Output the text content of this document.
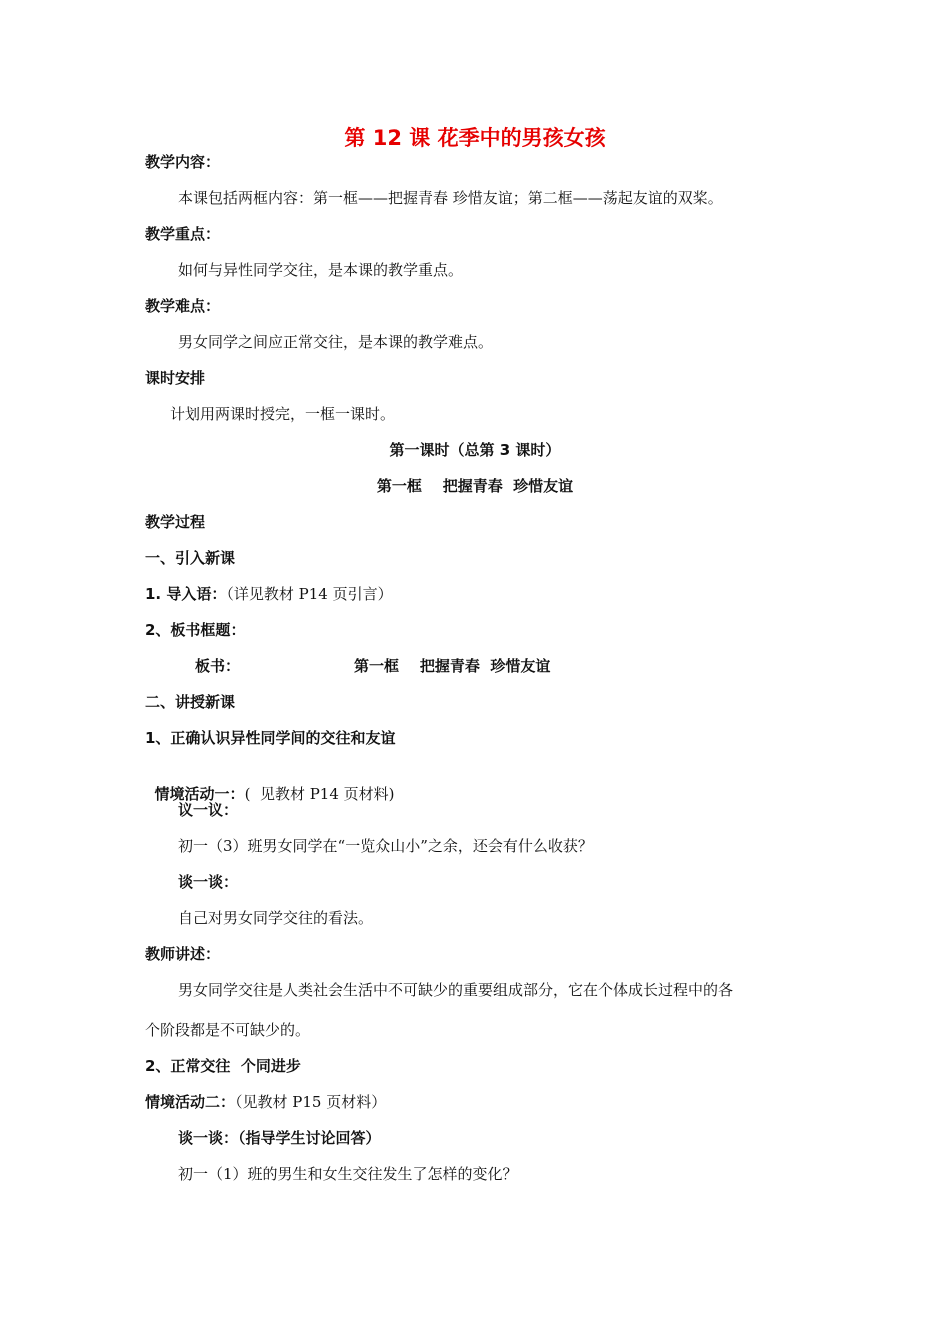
第 12 课 花季中的男孩女孩
教学内容：
本课包括两框内容：第一框——把握青春 珍惜友谊；第二框——荡起友谊的双桨。
教学重点：
如何与异性同学交往，是本课的教学重点。
教学难点：
男女同学之间应正常交往，是本课的教学难点。
课时安排
计划用两课时授完，一框一课时。
第一课时（总第 3 课时）
第一框    把握青春  珍惜友谊
教学过程
一、引入新课
1. 导入语：（详见教材 P14 页引言）
2、板书框题：
板书：	第一框    把握青春  珍惜友谊
二、讲授新课
1、正确认识异性同学间的交往和友谊

情境活动一：(  见教材 P14 页材料)

议一议：
初一（3）班男女同学在“一览众山小”之余，还会有什么收获？
谈一谈：
自己对男女同学交往的看法。
教师讲述：
男女同学交往是人类社会生活中不可缺少的重要组成部分，它在个体成长过程中的各
个阶段都是不可缺少的。
2、正常交往  个同进步
情境活动二：（见教材 P15 页材料）
谈一谈：（指导学生讨论回答）
初一（1）班的男生和女生交往发生了怎样的变化？
